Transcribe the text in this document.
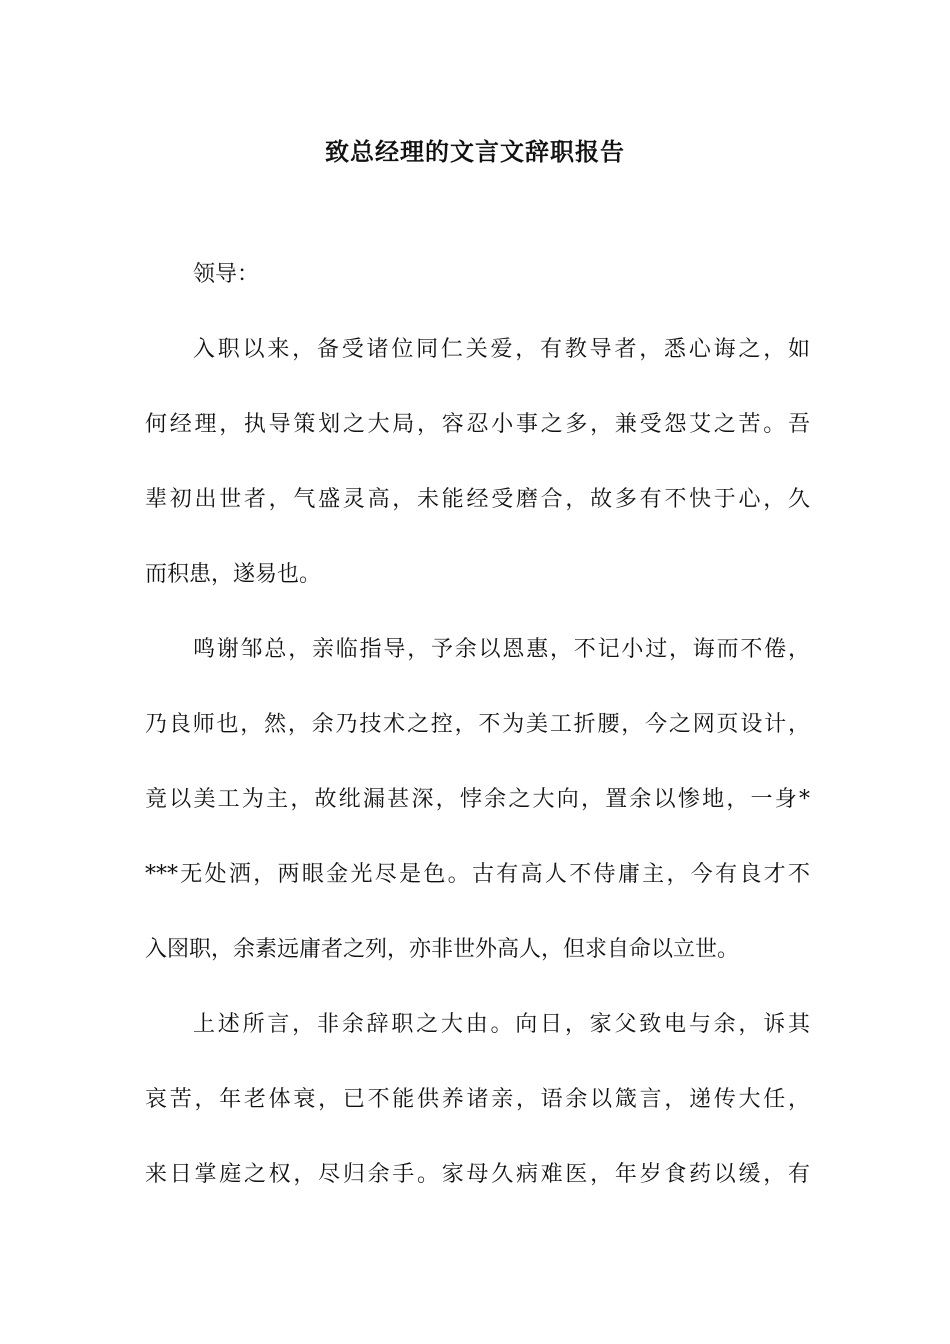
致总经理的文言文辞职报告
领导：
入职以来，备受诸位同仁关爱，有教导者，悉心诲之，如
何经理，执导策划之大局，容忍小事之多，兼受怨艾之苦。吾
辈初出世者，气盛灵高，未能经受磨合，故多有不快于心，久
而积患，遂易也。
鸣谢邹总，亲临指导，予余以恩惠，不记小过，诲而不倦，
乃良师也，然，余乃技术之控，不为美工折腰，今之网页设计，
竟以美工为主，故纰漏甚深，悖余之大向，置余以惨地，一身*
***无处洒，两眼金光尽是色。古有高人不侍庸主，今有良才不
入囹职，余素远庸者之列，亦非世外高人，但求自命以立世。
上述所言，非余辞职之大由。向日，家父致电与余，诉其
哀苦，年老体衰，已不能供养诸亲，语余以箴言，递传大任，
来日掌庭之权，尽归余手。家母久病难医，年岁食药以缓，有
